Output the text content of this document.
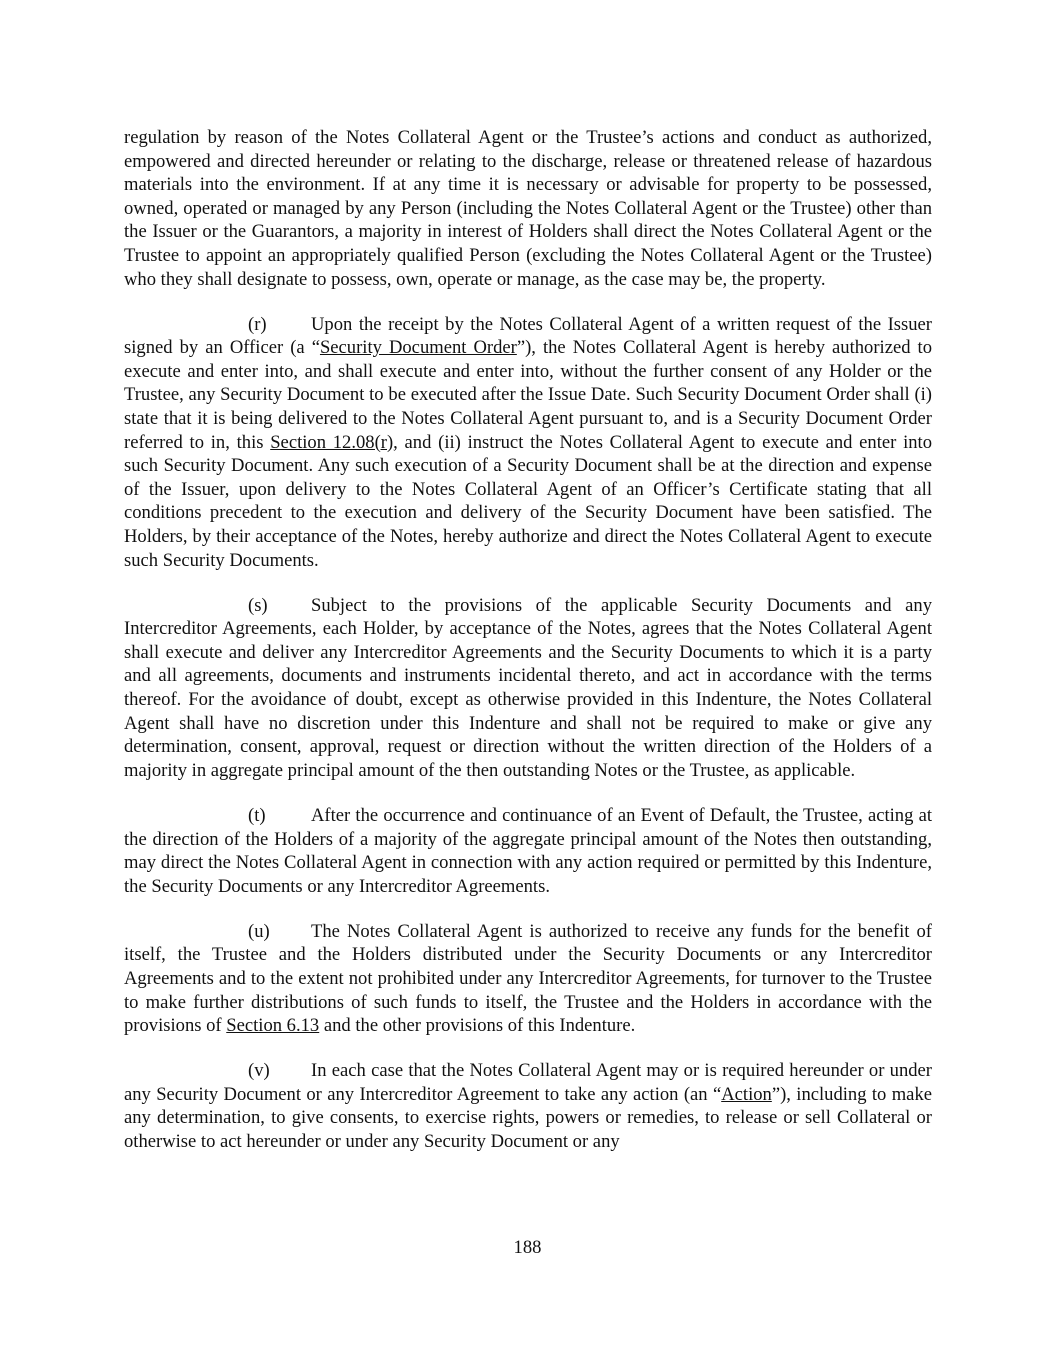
regulation by reason of the Notes Collateral Agent or the Trustee’s actions and conduct as authorized, empowered and directed hereunder or relating to the discharge, release or threatened release of hazardous materials into the environment. If at any time it is necessary or advisable for property to be possessed, owned, operated or managed by any Person (including the Notes Collateral Agent or the Trustee) other than the Issuer or the Guarantors, a majority in interest of Holders shall direct the Notes Collateral Agent or the Trustee to appoint an appropriately qualified Person (excluding the Notes Collateral Agent or the Trustee) who they shall designate to possess, own, operate or manage, as the case may be, the property.

(r) Upon the receipt by the Notes Collateral Agent of a written request of the Issuer signed by an Officer (a “Security Document Order”), the Notes Collateral Agent is hereby authorized to execute and enter into, and shall execute and enter into, without the further consent of any Holder or the Trustee, any Security Document to be executed after the Issue Date. Such Security Document Order shall (i) state that it is being delivered to the Notes Collateral Agent pursuant to, and is a Security Document Order referred to in, this Section 12.08(r), and (ii) instruct the Notes Collateral Agent to execute and enter into such Security Document. Any such execution of a Security Document shall be at the direction and expense of the Issuer, upon delivery to the Notes Collateral Agent of an Officer’s Certificate stating that all conditions precedent to the execution and delivery of the Security Document have been satisfied. The Holders, by their acceptance of the Notes, hereby authorize and direct the Notes Collateral Agent to execute such Security Documents.

(s) Subject to the provisions of the applicable Security Documents and any Intercreditor Agreements, each Holder, by acceptance of the Notes, agrees that the Notes Collateral Agent shall execute and deliver any Intercreditor Agreements and the Security Documents to which it is a party and all agreements, documents and instruments incidental thereto, and act in accordance with the terms thereof. For the avoidance of doubt, except as otherwise provided in this Indenture, the Notes Collateral Agent shall have no discretion under this Indenture and shall not be required to make or give any determination, consent, approval, request or direction without the written direction of the Holders of a majority in aggregate principal amount of the then outstanding Notes or the Trustee, as applicable.

(t) After the occurrence and continuance of an Event of Default, the Trustee, acting at the direction of the Holders of a majority of the aggregate principal amount of the Notes then outstanding, may direct the Notes Collateral Agent in connection with any action required or permitted by this Indenture, the Security Documents or any Intercreditor Agreements.

(u) The Notes Collateral Agent is authorized to receive any funds for the benefit of itself, the Trustee and the Holders distributed under the Security Documents or any Intercreditor Agreements and to the extent not prohibited under any Intercreditor Agreements, for turnover to the Trustee to make further distributions of such funds to itself, the Trustee and the Holders in accordance with the provisions of Section 6.13 and the other provisions of this Indenture.

(v) In each case that the Notes Collateral Agent may or is required hereunder or under any Security Document or any Intercreditor Agreement to take any action (an “Action”), including to make any determination, to give consents, to exercise rights, powers or remedies, to release or sell Collateral or otherwise to act hereunder or under any Security Document or any

188
